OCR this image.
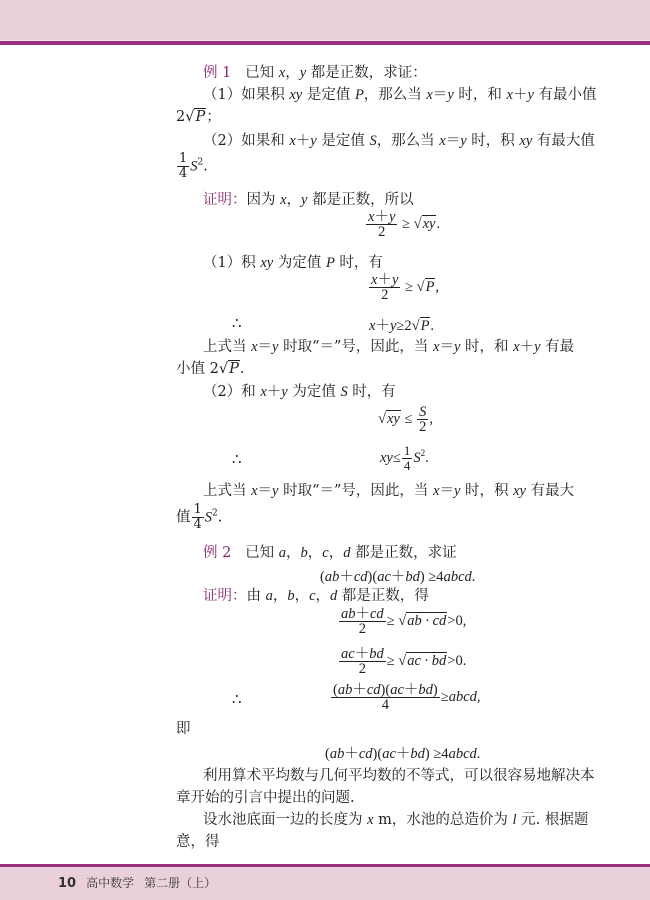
例 1 已知 x，y 都是正数，求证：
（1）如果积 xy 是定值 P，那么当 x＝y 时，和 x＋y 有最小值
2√P；
（2）如果和 x＋y 是定值 S，那么当 x＝y 时，积 xy 有最大值
$\frac{1}{4} S^2$.
证明：因为 x，y 都是正数，所以
$\frac{x+y}{2} \ge √xy$.
（1）积 xy 为定值 P 时，有
$\frac{x+y}{2} \ge √P$,
∴	x＋y≥2√P.
上式当 x＝y 时取“＝”号，因此，当 x＝y 时，和 x＋y 有最
小值 2√P.
（2）和 x＋y 为定值 S 时，有
$√xy \le \frac{S}{2}$ ,
∴	$xy\le \frac{1}{4} S^2$.
上式当 x＝y 时取“＝”号，因此，当 x＝y 时，积 xy 有最大
值 $\frac{1}{4} S^2$.
例 2 已知 a，b，c，d 都是正数，求证
(ab＋cd)(ac＋bd) ≥4abcd.
证明：由 a，b，c，d 都是正数，得
$\frac{ab+cd}{2} \ge √ab \cdot cd>0$,
$\frac{ac+bd}{2} \ge √ac \cdot bd>0$.
∴	$\frac{(ab+cd)(ac+bd)}{4}$ ≥abcd,
即
(ab＋cd)(ac＋bd) ≥4abcd.
利用算术平均数与几何平均数的不等式，可以很容易地解决本
章开始的引言中提出的问题.
设水池底面一边的长度为 x m，水池的总造价为 l 元. 根据题
意，得
10 高中数学 第二册（上）
